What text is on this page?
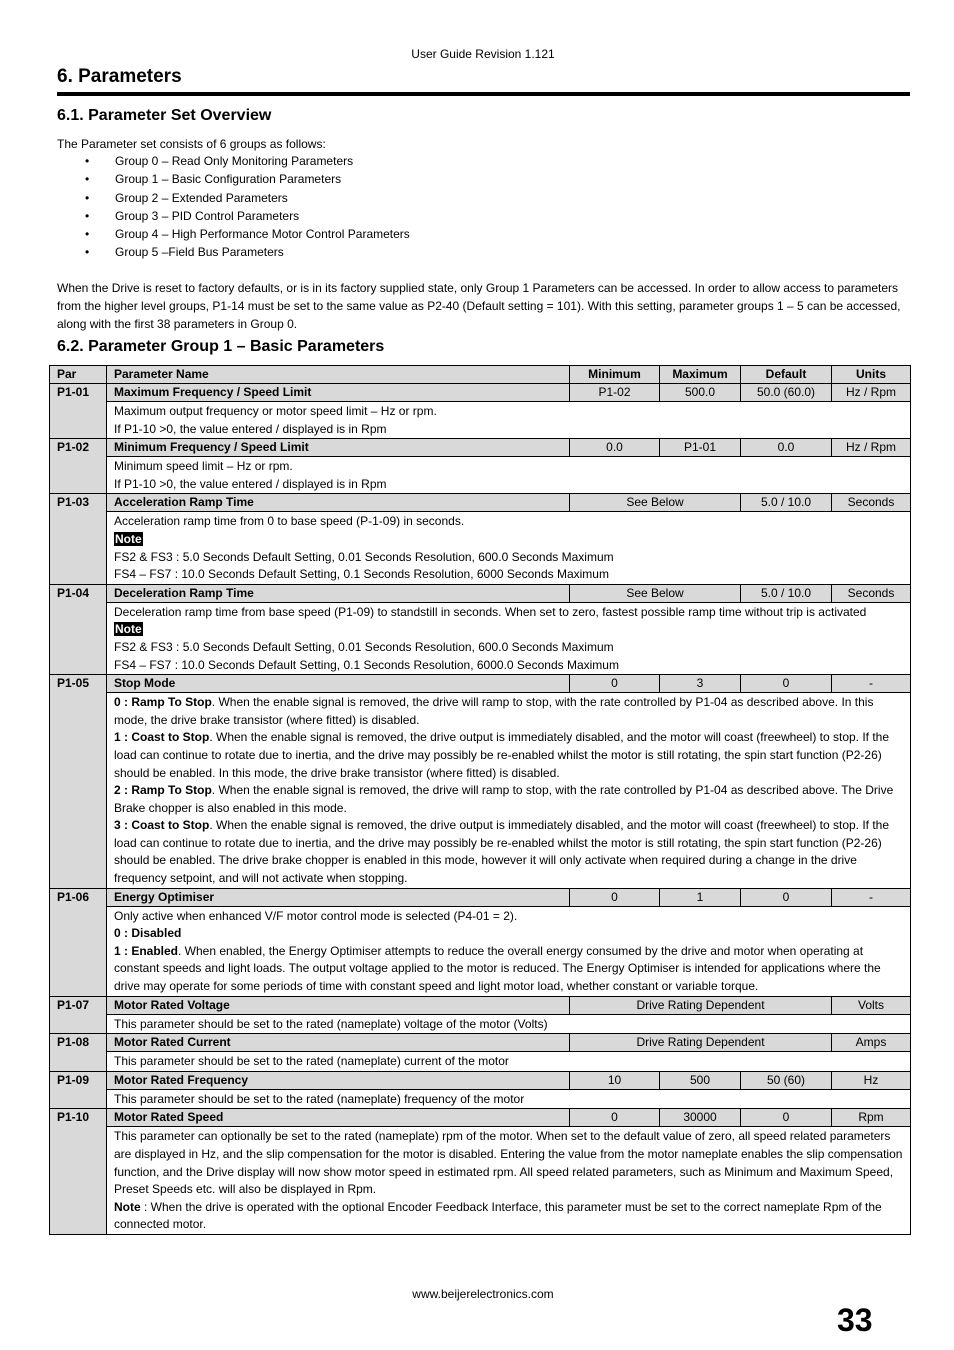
User Guide Revision 1.121
6. Parameters
6.1. Parameter Set Overview
The Parameter set consists of 6 groups as follows:
• Group 0 – Read Only Monitoring Parameters
• Group 1 – Basic Configuration Parameters
• Group 2 – Extended Parameters
• Group 3 – PID Control Parameters
• Group 4 – High Performance Motor Control Parameters
• Group 5 –Field Bus Parameters
When the Drive is reset to factory defaults, or is in its factory supplied state, only Group 1 Parameters can be accessed. In order to allow access to parameters from the higher level groups, P1-14 must be set to the same value as P2-40 (Default setting = 101). With this setting, parameter groups 1 – 5 can be accessed, along with the first 38 parameters in Group 0.
6.2. Parameter Group 1 – Basic Parameters
Par	Parameter Name	Minimum	Maximum	Default	Units
P1-01	Maximum Frequency / Speed Limit	P1-02	500.0	50.0 (60.0)	Hz / Rpm

	Maximum output frequency or motor speed limit – Hz or rpm.
If P1-10 >0, the value entered / displayed is in Rpm				

P1-02	Minimum Frequency / Speed Limit	0.0	P1-01	0.0	Hz / Rpm

	Minimum speed limit – Hz or rpm.
If P1-10 >0, the value entered / displayed is in Rpm				

P1-03	Acceleration Ramp Time	See Below		5.0 / 10.0	Seconds

	Acceleration ramp time from 0 to base speed (P-1-09) in seconds.
Note
FS2 & FS3 : 5.0 Seconds Default Setting, 0.01 Seconds Resolution, 600.0 Seconds Maximum
FS4 – FS7 : 10.0 Seconds Default Setting, 0.1 Seconds Resolution, 6000 Seconds Maximum				

P1-04	Deceleration Ramp Time	See Below		5.0 / 10.0	Seconds

	Deceleration ramp time from base speed (P1-09) to standstill in seconds. When set to zero, fastest possible ramp time without trip is activated
Note
FS2 & FS3 : 5.0 Seconds Default Setting, 0.01 Seconds Resolution, 600.0 Seconds Maximum
FS4 – FS7 : 10.0 Seconds Default Setting, 0.1 Seconds Resolution, 6000.0 Seconds Maximum				

P1-05	Stop Mode	0	3	0	-

	0 : Ramp To Stop. When the enable signal is removed, the drive will ramp to stop, with the rate controlled by P1-04 as described above. In this mode, the drive brake transistor (where fitted) is disabled.
1 : Coast to Stop. When the enable signal is removed, the drive output is immediately disabled, and the motor will coast (freewheel) to stop. If the load can continue to rotate due to inertia, and the drive may possibly be re-enabled whilst the motor is still rotating, the spin start function (P2-26) should be enabled. In this mode, the drive brake transistor (where fitted) is disabled.
2 : Ramp To Stop. When the enable signal is removed, the drive will ramp to stop, with the rate controlled by P1-04 as described above. The Drive Brake chopper is also enabled in this mode.
3 : Coast to Stop. When the enable signal is removed, the drive output is immediately disabled, and the motor will coast (freewheel) to stop. If the load can continue to rotate due to inertia, and the drive may possibly be re-enabled whilst the motor is still rotating, the spin start function (P2-26) should be enabled. The drive brake chopper is enabled in this mode, however it will only activate when required during a change in the drive frequency setpoint, and will not activate when stopping.				

P1-06	Energy Optimiser	0	1	0	-

	Only active when enhanced V/F motor control mode is selected (P4-01 = 2).
0 : Disabled
1 : Enabled. When enabled, the Energy Optimiser attempts to reduce the overall energy consumed by the drive and motor when operating at constant speeds and light loads. The output voltage applied to the motor is reduced. The Energy Optimiser is intended for applications where the drive may operate for some periods of time with constant speed and light motor load, whether constant or variable torque.				

P1-07	Motor Rated Voltage	Drive Rating Dependent			Volts

	This parameter should be set to the rated (nameplate) voltage of the motor (Volts)				

P1-08	Motor Rated Current	Drive Rating Dependent			Amps

	This parameter should be set to the rated (nameplate) current of the motor				

P1-09	Motor Rated Frequency	10	500	50 (60)	Hz

	This parameter should be set to the rated (nameplate) frequency of the motor				

P1-10	Motor Rated Speed	0	30000	0	Rpm

	This parameter can optionally be set to the rated (nameplate) rpm of the motor. When set to the default value of zero, all speed related parameters are displayed in Hz, and the slip compensation for the motor is disabled. Entering the value from the motor nameplate enables the slip compensation function, and the Drive display will now show motor speed in estimated rpm. All speed related parameters, such as Minimum and Maximum Speed, Preset Speeds etc. will also be displayed in Rpm.
Note : When the drive is operated with the optional Encoder Feedback Interface, this parameter must be set to the correct nameplate Rpm of the connected motor.				
www.beijerelectronics.com
33
